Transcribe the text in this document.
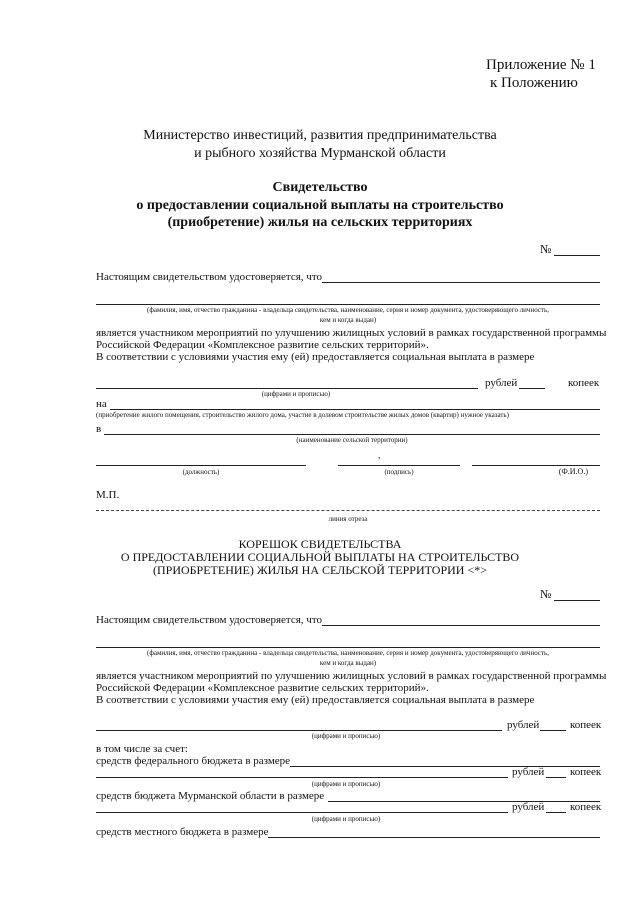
Приложение № 1
к Положению
Министерство инвестиций, развития предпринимательства
и рыбного хозяйства Мурманской области
Свидетельство
о предоставлении социальной выплаты на строительство
(приобретение) жилья на сельских территориях
№
Настоящим свидетельством удостоверяется, что
(фамилия, имя, отчество гражданина - владельца свидетельства, наименование, серия и номер документа, удостоверяющего личность,
кем и когда выдан)
является участником мероприятий по улучшению жилищных условий в рамках государственной программы
Российской Федерации «Комплексное развитие сельских территорий».
В соответствии с условиями участия ему (ей) предоставляется социальная выплата в размере
рублей	копеек
(цифрами и прописью)
на
(приобретение жилого помещения, строительство жилого дома, участие в долевом строительстве жилых домов (квартир) нужное указать)
в
(наименование сельской территории)
,
(должность)	(подпись)	(Ф.И.О.)
М.П.
линия отреза
КОРЕШОК СВИДЕТЕЛЬСТВА
О ПРЕДОСТАВЛЕНИИ СОЦИАЛЬНОЙ ВЫПЛАТЫ НА СТРОИТЕЛЬСТВО
(ПРИОБРЕТЕНИЕ) ЖИЛЬЯ НА СЕЛЬСКОЙ ТЕРРИТОРИИ <*>
№
Настоящим свидетельством удостоверяется, что
(фамилия, имя, отчество гражданина - владельца свидетельства, наименование, серия и номер документа, удостоверяющего личность,
кем и когда выдан)
является участником мероприятий по улучшению жилищных условий в рамках государственной программы
Российской Федерации «Комплексное развитие сельских территорий».
В соответствии с условиями участия ему (ей) предоставляется социальная выплата в размере
рублей	копеек
(цифрами и прописью)
в том числе за счет:
средств федерального бюджета в размере
рублей копеек
(цифрами и прописью)
средств бюджета Мурманской области в размере
рублей копеек
(цифрами и прописью)
средств местного бюджета в размере
